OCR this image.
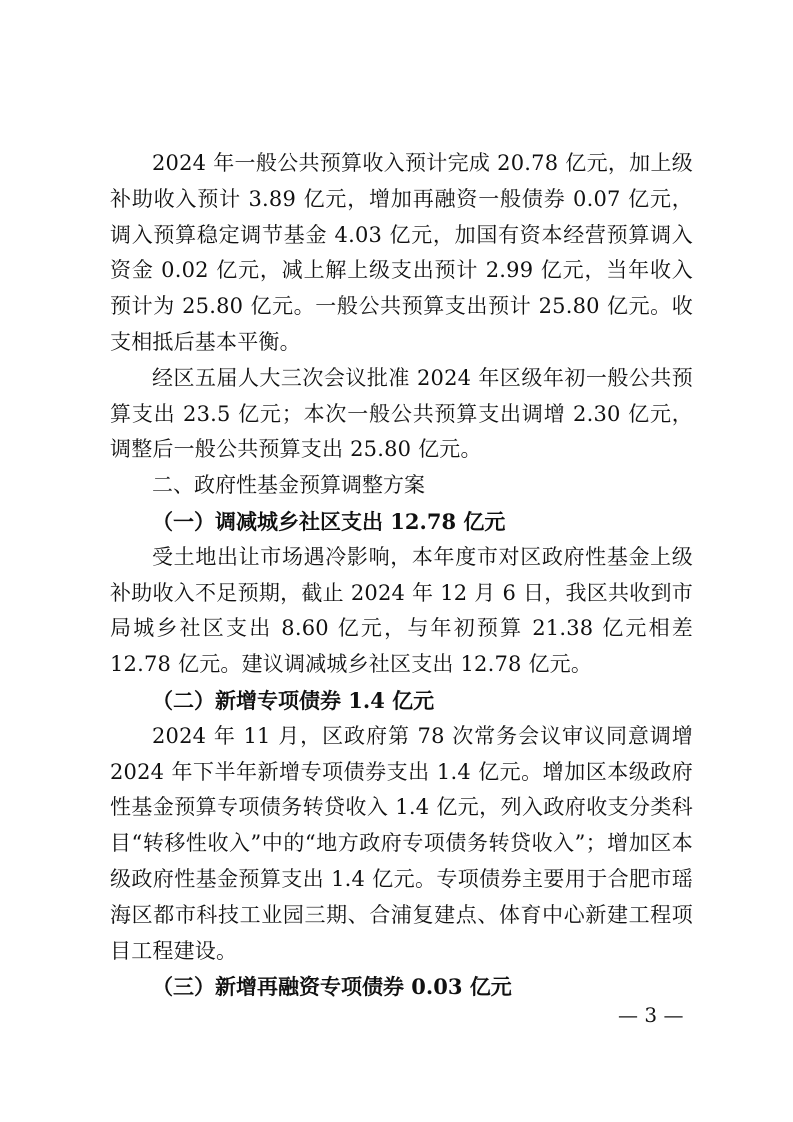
2024 年一般公共预算收入预计完成 20.78 亿元，加上级补助收入预计 3.89 亿元，增加再融资一般债券 0.07 亿元，调入预算稳定调节基金 4.03 亿元，加国有资本经营预算调入资金 0.02 亿元，减上解上级支出预计 2.99 亿元，当年收入预计为 25.80 亿元。一般公共预算支出预计 25.80 亿元。收支相抵后基本平衡。

经区五届人大三次会议批准 2024 年区级年初一般公共预算支出 23.5 亿元；本次一般公共预算支出调增 2.30 亿元，调整后一般公共预算支出 25.80 亿元。

二、政府性基金预算调整方案
（一）调减城乡社区支出 12.78 亿元

受土地出让市场遇冷影响，本年度市对区政府性基金上级补助收入不足预期，截止 2024 年 12 月 6 日，我区共收到市局城乡社区支出 8.60 亿元，与年初预算 21.38 亿元相差 12.78 亿元。建议调减城乡社区支出 12.78 亿元。

（二）新增专项债券 1.4 亿元

2024 年 11 月，区政府第 78 次常务会议审议同意调增 2024 年下半年新增专项债券支出 1.4 亿元。增加区本级政府性基金预算专项债务转贷收入 1.4 亿元，列入政府收支分类科目“转移性收入”中的“地方政府专项债务转贷收入”；增加区本级政府性基金预算支出 1.4 亿元。专项债券主要用于合肥市瑶海区都市科技工业园三期、合浦复建点、体育中心新建工程项目工程建设。

（三）新增再融资专项债券 0.03 亿元
— 3 —
